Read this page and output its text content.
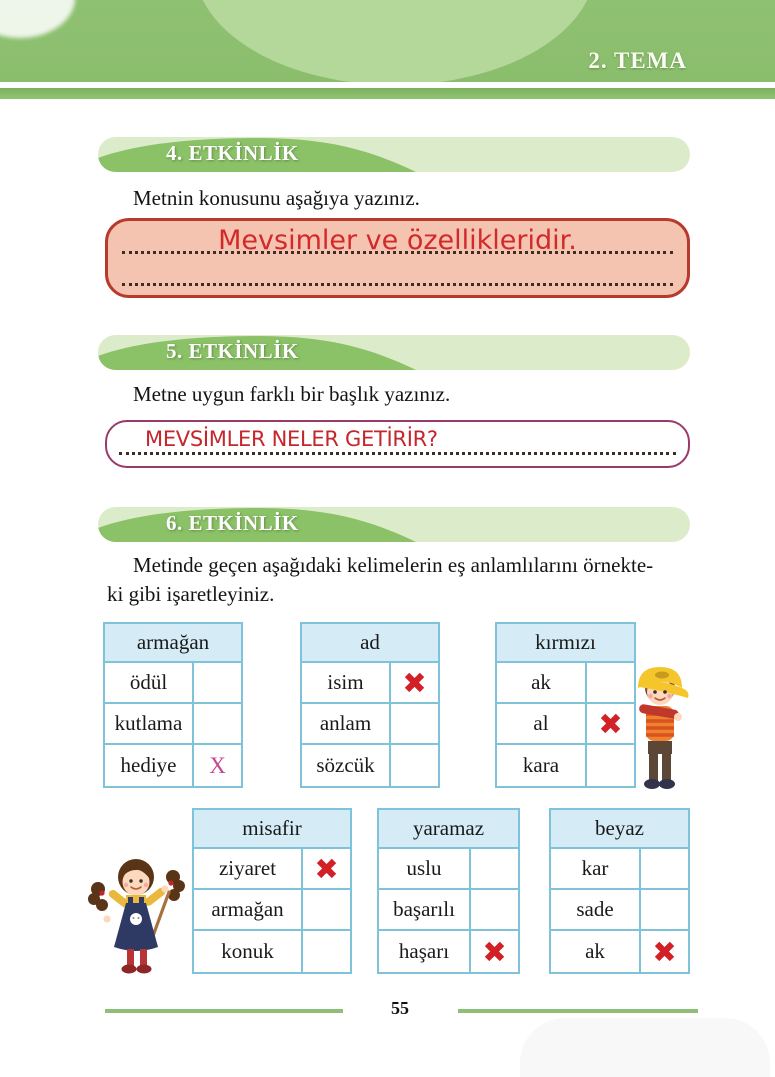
2. TEMA
4. ETKİNLİK
Metnin konusunu aşağıya yazınız.
Mevsimler ve özellikleridir.
5. ETKİNLİK
Metne uygun farklı bir başlık yazınız.
MEVSİMLER NELER GETİRİR?
6. ETKİNLİK
Metinde geçen aşağıdaki kelimelerin eş anlamlılarını örnekte-
ki gibi işaretleyiniz.
armağan
ödül
kutlama
hediye	X
ad
isim	✖
anlam
sözcük
kırmızı
ak
al	✖
kara
misafir
ziyaret	✖
armağan
konuk
yaramaz
uslu
başarılı
haşarı	✖
beyaz
kar
sade
ak	✖
55
